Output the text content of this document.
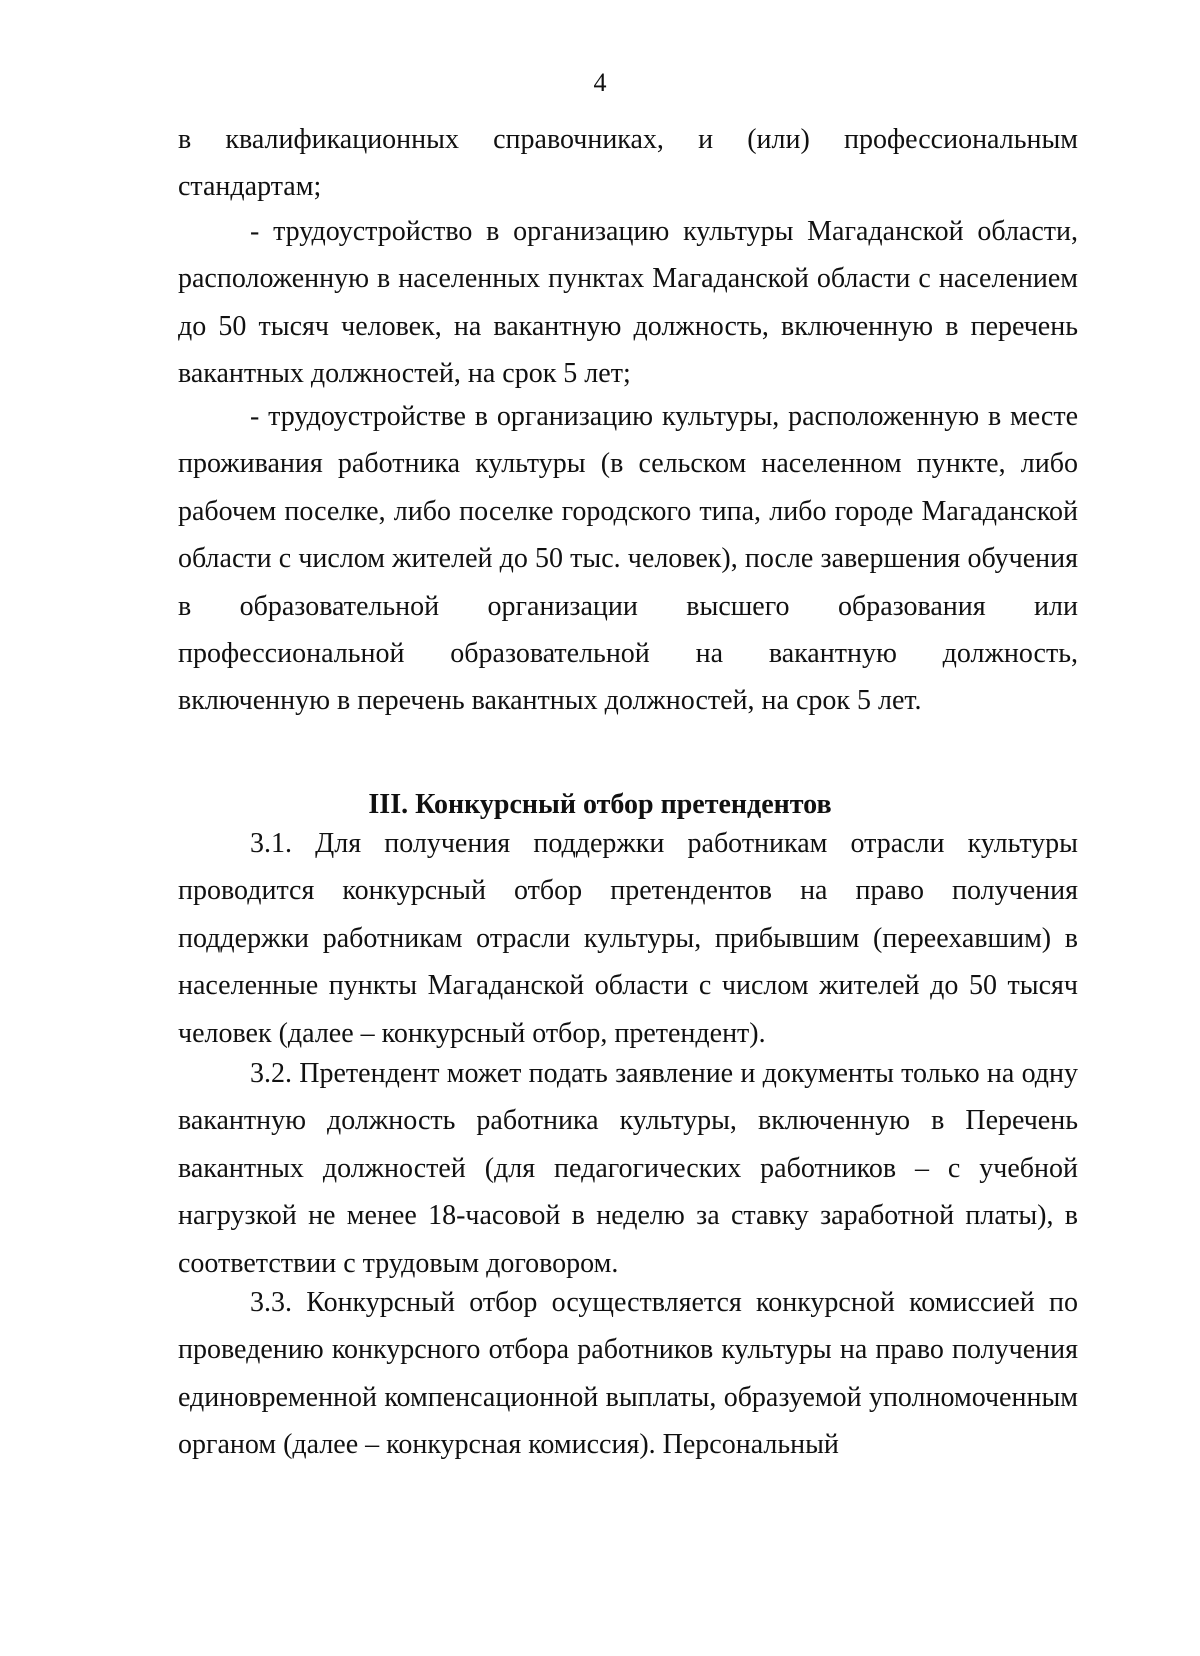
4

в квалификационных справочниках, и (или) профессиональным стандартам;

- трудоустройство в организацию культуры Магаданской области, расположенную в населенных пунктах Магаданской области с населением до 50 тысяч человек, на вакантную должность, включенную в перечень вакантных должностей, на срок 5 лет;

- трудоустройстве в организацию культуры, расположенную в месте проживания работника культуры (в сельском населенном пункте, либо рабочем поселке, либо поселке городского типа, либо городе Магаданской области с числом жителей до 50 тыс. человек), после завершения обучения в образовательной организации высшего образования или профессиональной образовательной на вакантную должность, включенную в перечень вакантных должностей, на срок 5 лет.

III. Конкурсный отбор претендентов

3.1. Для получения поддержки работникам отрасли культуры проводится конкурсный отбор претендентов на право получения поддержки работникам отрасли культуры, прибывшим (переехавшим) в населенные пункты Магаданской области с числом жителей до 50 тысяч человек (далее – конкурсный отбор, претендент).

3.2. Претендент может подать заявление и документы только на одну вакантную должность работника культуры, включенную в Перечень вакантных должностей (для педагогических работников – с учебной нагрузкой не менее 18-часовой в неделю за ставку заработной платы), в соответствии с трудовым договором.

3.3. Конкурсный отбор осуществляется конкурсной комиссией по проведению конкурсного отбора работников культуры на право получения единовременной компенсационной выплаты, образуемой уполномоченным органом (далее – конкурсная комиссия). Персональный
